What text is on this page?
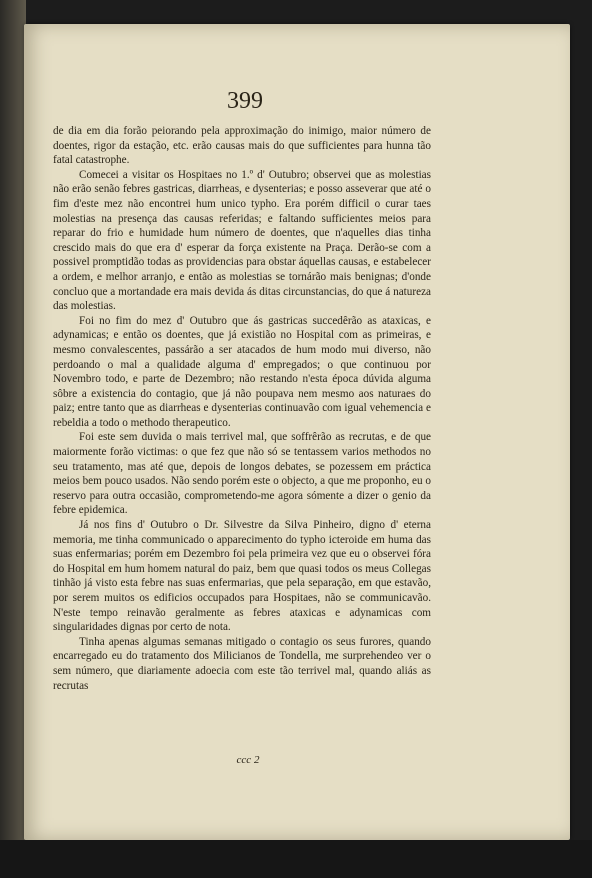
399

de dia em dia forão peiorando pela approximação do inimigo, maior número de doentes, rigor da estação, etc. erão causas mais do que sufficientes para hunna tão fatal catastrophe.

Comecei a visitar os Hospitaes no 1.º d' Outubro; observei que as molestias não erão senão febres gastricas, diarrheas, e dysenterias; e posso asseverar que até o fim d'este mez não encontrei hum unico typho. Era porém difficil o curar taes molestias na presença das causas referidas; e faltando sufficientes meios para reparar do frio e humidade hum número de doentes, que n'aquelles dias tinha crescido mais do que era d' esperar da força existente na Praça. Derão-se com a possivel promptidão todas as providencias para obstar áquellas causas, e estabelecer a ordem, e melhor arranjo, e então as molestias se tornárão mais benignas; d'onde concluo que a mortandade era mais devida ás ditas circunstancias, do que á natureza das molestias.

Foi no fim do mez d' Outubro que ás gastricas succedêrão as ataxicas, e adynamicas; e então os doentes, que já existião no Hospital com as primeiras, e mesmo convalescentes, passárão a ser atacados de hum modo mui diverso, não perdoando o mal a qualidade alguma d' empregados; o que continuou por Novembro todo, e parte de Dezembro; não restando n'esta época dúvida alguma sôbre a existencia do contagio, que já não poupava nem mesmo aos naturaes do paiz; entre tanto que as diarrheas e dysenterias continuavão com igual vehemencia e rebeldia a todo o methodo therapeutico.

Foi este sem duvida o mais terrivel mal, que soffrêrão as recrutas, e de que maiormente forão victimas: o que fez que não só se tentassem varios methodos no seu tratamento, mas até que, depois de longos debates, se pozessem em práctica meios bem pouco usados. Não sendo porém este o objecto, a que me proponho, eu o reservo para outra occasião, comprometendo-me agora sómente a dizer o genio da febre epidemica.

Já nos fins d' Outubro o Dr. Silvestre da Silva Pinheiro, digno d' eterna memoria, me tinha communicado o apparecimento do typho icteroide em huma das suas enfermarias; porém em Dezembro foi pela primeira vez que eu o observei fóra do Hospital em hum homem natural do paiz, bem que quasi todos os meus Collegas tinhão já visto esta febre nas suas enfermarias, que pela separação, em que estavão, por serem muitos os edificios occupados para Hospitaes, não se communicavão. N'este tempo reinavão geralmente as febres ataxicas e adynamicas com singularidades dignas por certo de nota.

Tinha apenas algumas semanas mitigado o contagio os seus furores, quando encarregado eu do tratamento dos Milicianos de Tondella, me surprehendeo ver o sem número, que diariamente adoecia com este tão terrivel mal, quando aliás as recrutas

ccc 2
